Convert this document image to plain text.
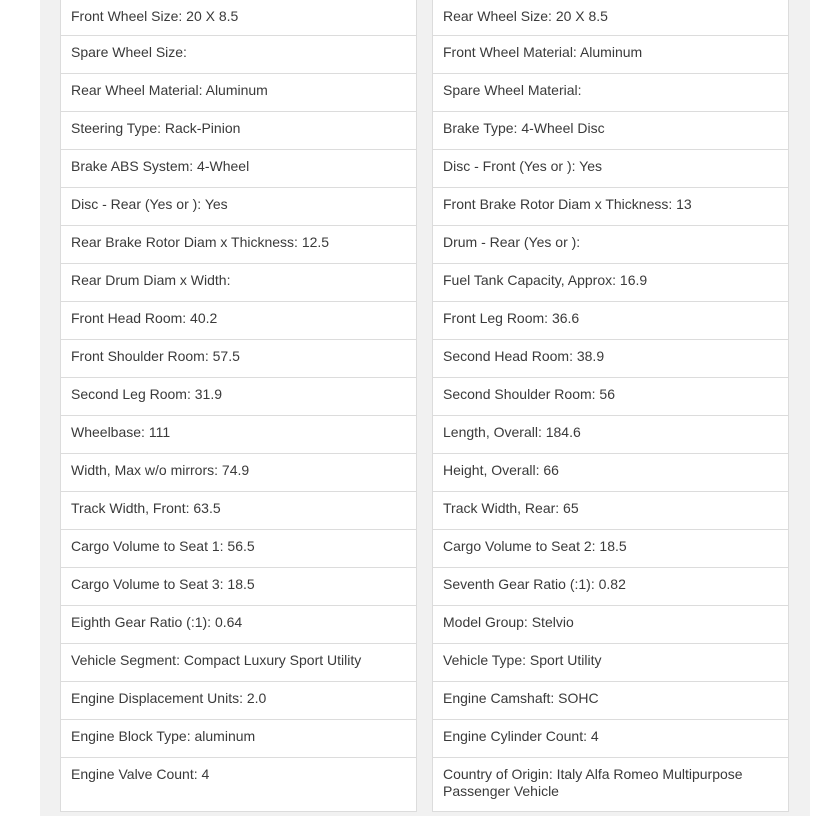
Front Wheel Size: 20 X 8.5
Spare Wheel Size:
Rear Wheel Material: Aluminum
Steering Type: Rack-Pinion
Brake ABS System: 4-Wheel
Disc - Rear (Yes or ): Yes
Rear Brake Rotor Diam x Thickness: 12.5
Rear Drum Diam x Width:
Front Head Room: 40.2
Front Shoulder Room: 57.5
Second Leg Room: 31.9
Wheelbase: 111
Width, Max w/o mirrors: 74.9
Track Width, Front: 63.5
Cargo Volume to Seat 1: 56.5
Cargo Volume to Seat 3: 18.5
Eighth Gear Ratio (:1): 0.64
Vehicle Segment: Compact Luxury Sport Utility
Engine Displacement Units: 2.0
Engine Block Type: aluminum
Engine Valve Count: 4
Rear Wheel Size: 20 X 8.5
Front Wheel Material: Aluminum
Spare Wheel Material:
Brake Type: 4-Wheel Disc
Disc - Front (Yes or ): Yes
Front Brake Rotor Diam x Thickness: 13
Drum - Rear (Yes or ):
Fuel Tank Capacity, Approx: 16.9
Front Leg Room: 36.6
Second Head Room: 38.9
Second Shoulder Room: 56
Length, Overall: 184.6
Height, Overall: 66
Track Width, Rear: 65
Cargo Volume to Seat 2: 18.5
Seventh Gear Ratio (:1): 0.82
Model Group: Stelvio
Vehicle Type: Sport Utility
Engine Camshaft: SOHC
Engine Cylinder Count: 4
Country of Origin: Italy Alfa Romeo Multipurpose Passenger Vehicle
